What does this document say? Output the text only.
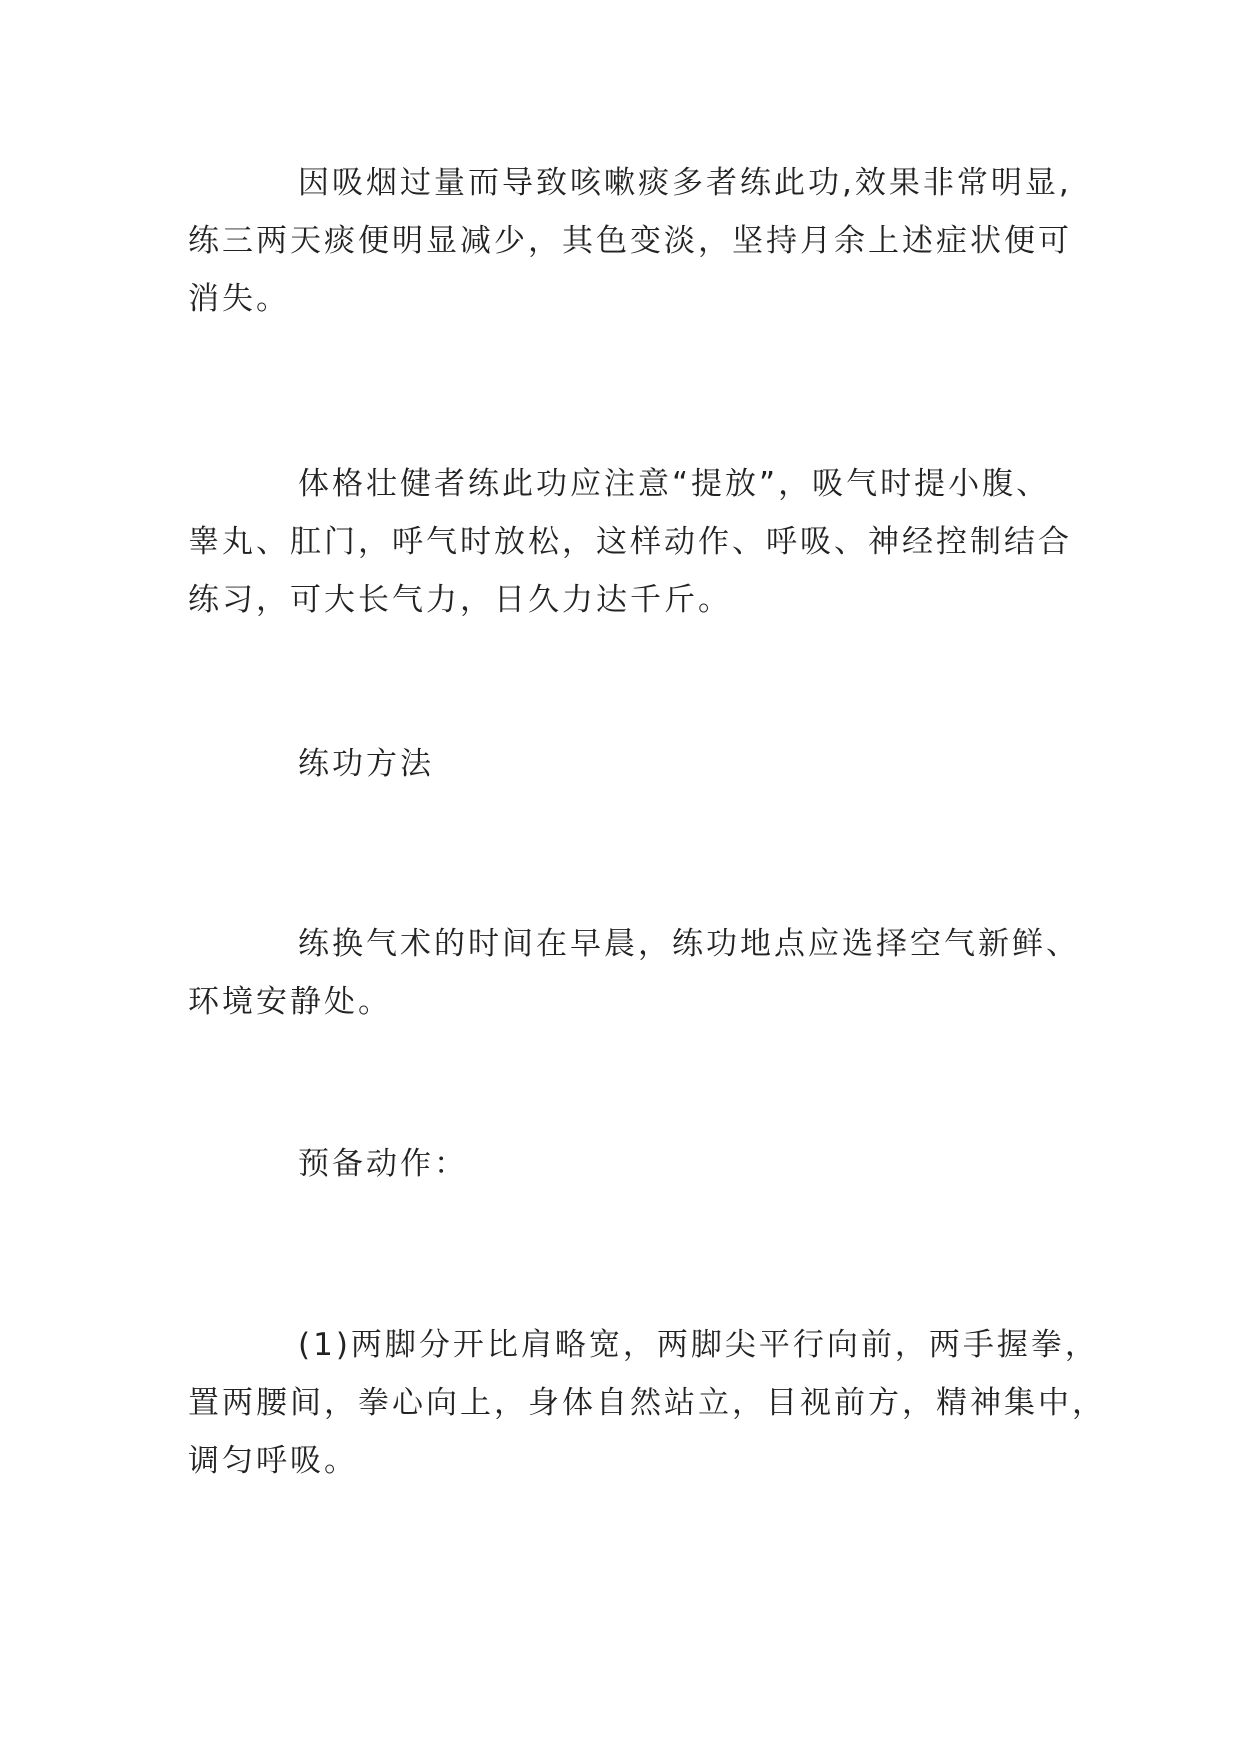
因吸烟过量而导致咳嗽痰多者练此功,效果非常明显,
练三两天痰便明显减少，其色变淡，坚持月余上述症状便可
消失。
体格壮健者练此功应注意“提放”，吸气时提小腹、
睾丸、肛门，呼气时放松，这样动作、呼吸、神经控制结合
练习，可大长气力，日久力达千斤。
练功方法
练换气术的时间在早晨，练功地点应选择空气新鲜、
环境安静处。
预备动作：
(1)两脚分开比肩略宽，两脚尖平行向前，两手握拳，
置两腰间，拳心向上，身体自然站立，目视前方，精神集中，
调匀呼吸。
